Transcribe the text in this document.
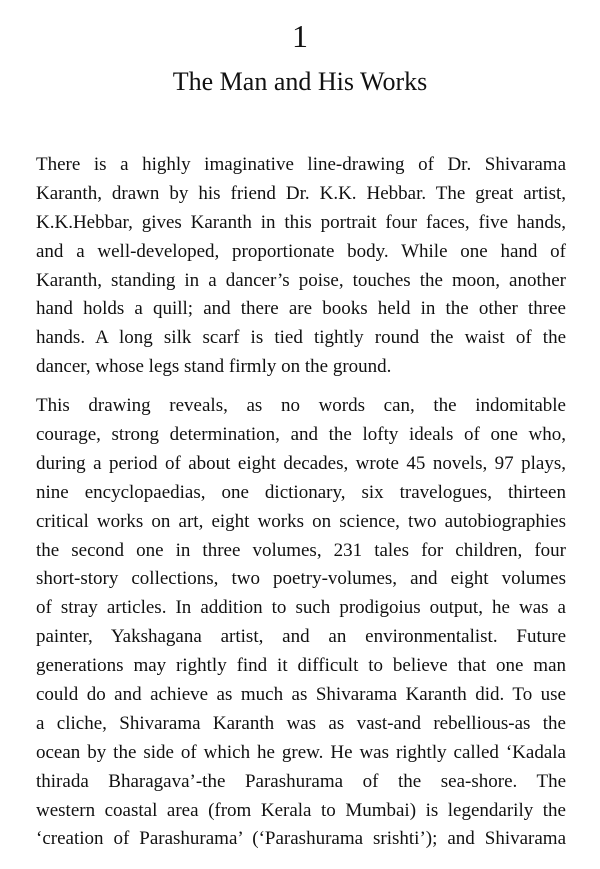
1
The Man and His Works
There is a highly imaginative line-drawing of Dr. Shivarama
Karanth, drawn by his friend Dr. K.K. Hebbar. The great artist,
K.K.Hebbar, gives Karanth in this portrait four faces, five hands,
and a well-developed, proportionate body. While one hand of
Karanth, standing in a dancer’s poise, touches the moon, another
hand holds a quill; and there are books held in the other three
hands. A long silk scarf is tied tightly round the waist of the
dancer, whose legs stand firmly on the ground.
This drawing reveals, as no words can, the indomitable
courage, strong determination, and the lofty ideals of one who,
during a period of about eight decades, wrote 45 novels, 97 plays,
nine encyclopaedias, one dictionary, six travelogues, thirteen
critical works on art, eight works on science, two autobiographies
the second one in three volumes, 231 tales for children, four
short-story collections, two poetry-volumes, and eight volumes
of stray articles. In addition to such prodigoius output, he was a
painter, Yakshagana artist, and an environmentalist. Future
generations may rightly find it difficult to believe that one man
could do and achieve as much as Shivarama Karanth did. To use
a cliche, Shivarama Karanth was as vast-and rebellious-as the
ocean by the side of which he grew. He was rightly called ‘Kadala
thirada Bharagava’-the Parashurama of the sea-shore. The
western coastal area (from Kerala to Mumbai) is legendarily the
‘creation of Parashurama’ (‘Parashurama srishti’); and Shivarama
